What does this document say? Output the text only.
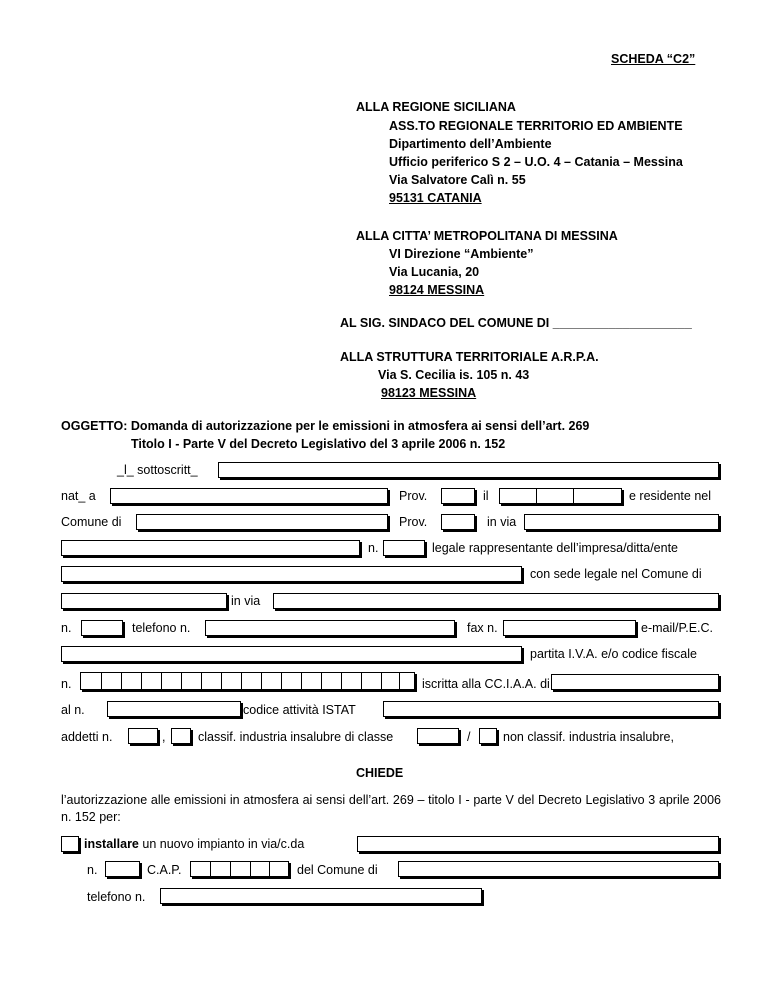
SCHEDA “C2”
ALLA REGIONE SICILIANA
ASS.TO REGIONALE TERRITORIO ED AMBIENTE
Dipartimento dell’Ambiente
Ufficio periferico S 2 – U.O. 4 – Catania – Messina
Via Salvatore Calì n. 55
95131 CATANIA
ALLA CITTA’ METROPOLITANA DI MESSINA
VI Direzione “Ambiente”
Via Lucania, 20
98124 MESSINA
AL SIG. SINDACO DEL COMUNE DI ____________________
ALLA STRUTTURA TERRITORIALE A.R.P.A.
Via S. Cecilia is. 105 n. 43
98123 MESSINA
OGGETTO: Domanda di autorizzazione per le emissioni in atmosfera ai sensi dell’art. 269
Titolo I - Parte V del Decreto Legislativo del 3 aprile 2006 n. 152
_l_ sottoscritt_
nat_ a	Prov.	il	e residente nel
Comune di	Prov.	in via
n.	legale rappresentante dell’impresa/ditta/ente
con sede legale nel Comune di
in via
n.	telefono n.	fax n.	e-mail/P.E.C.
partita I.V.A. e/o codice fiscale
n.	iscritta alla CC.I.A.A. di
al n.	codice attività ISTAT
addetti n.	,	classif. industria insalubre di classe	/	non classif. industria insalubre,
CHIEDE
l’autorizzazione alle emissioni in atmosfera ai sensi dell’art. 269 – titolo I - parte V del Decreto Legislativo 3 aprile 2006 n. 152 per:
installare un nuovo impianto in via/c.da
n.	C.A.P.	del Comune di
telefono n.
